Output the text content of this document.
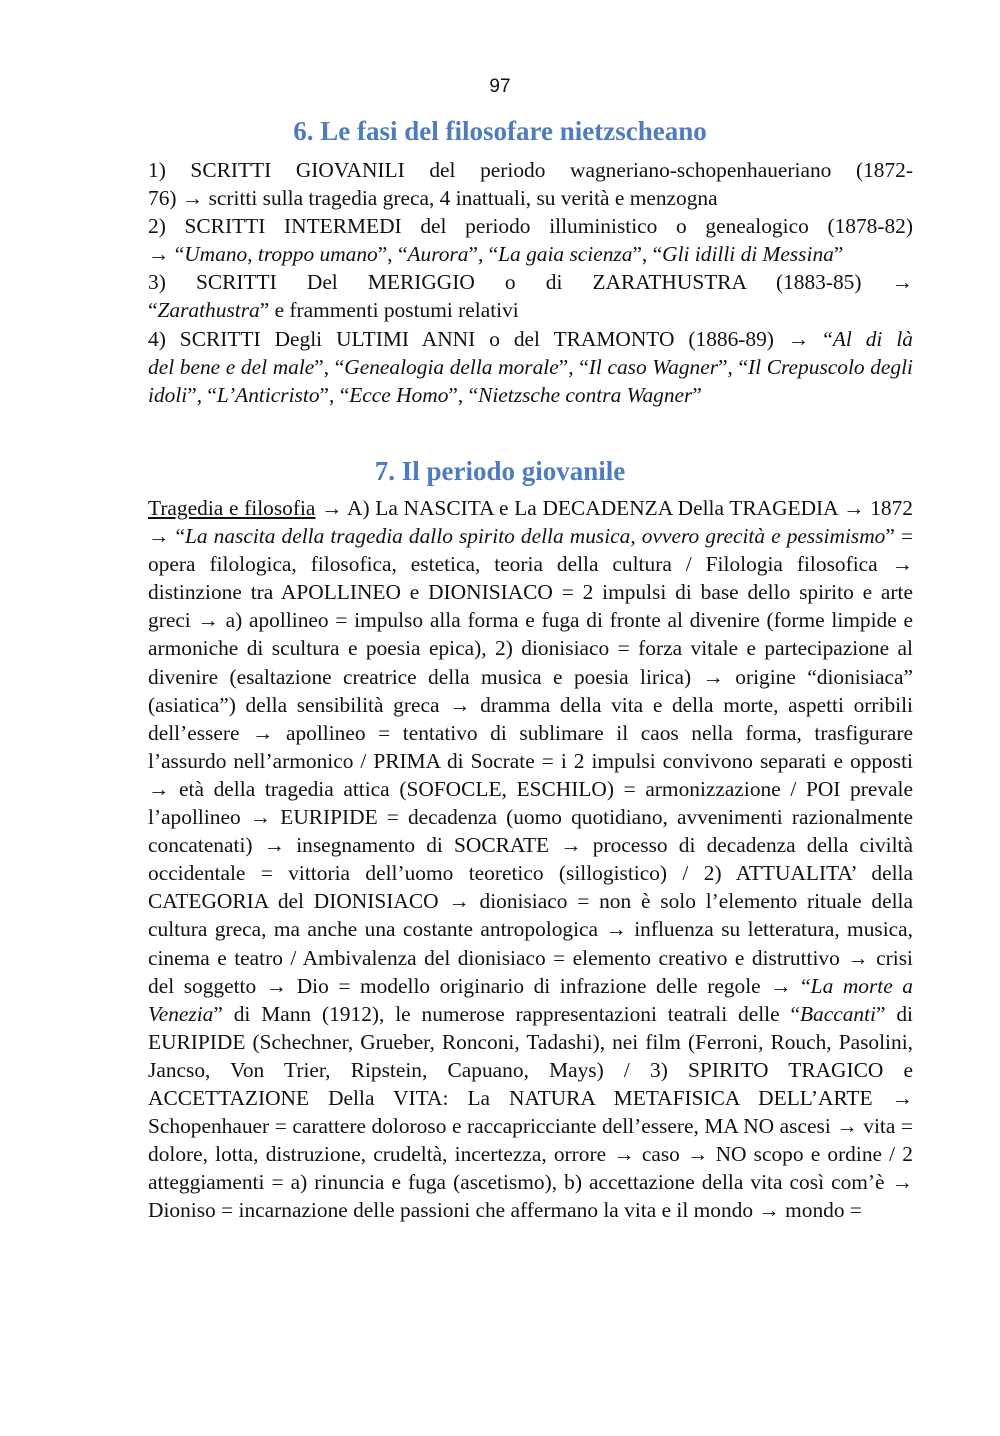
97
6. Le fasi del filosofare nietzscheano
1) SCRITTI GIOVANILI del periodo wagneriano-schopenhaueriano (1872-
76) → scritti sulla tragedia greca, 4 inattuali, su verità e menzogna
2) SCRITTI INTERMEDI del periodo illuministico o genealogico (1878-82)
→ “Umano, troppo umano”, “Aurora”, “La gaia scienza”, “Gli idilli di Messina”
3) SCRITTI Del MERIGGIO o di ZARATHUSTRA (1883-85) →
“Zarathustra” e frammenti postumi relativi
4) SCRITTI Degli ULTIMI ANNI o del TRAMONTO (1886-89) → “Al di là
del bene e del male”, “Genealogia della morale”, “Il caso Wagner”, “Il Crepuscolo degli
idoli”, “L’Anticristo”, “Ecce Homo”, “Nietzsche contra Wagner”
7. Il periodo giovanile
Tragedia e filosofia → A) La NASCITA e La DECADENZA Della TRAGEDIA → 1872 → “La nascita della tragedia dallo spirito della musica, ovvero grecità e pessimismo” = opera filologica, filosofica, estetica, teoria della cultura / Filologia filosofica → distinzione tra APOLLINEO e DIONISIACO = 2 impulsi di base dello spirito e arte greci → a) apollineo = impulso alla forma e fuga di fronte al divenire (forme limpide e armoniche di scultura e poesia epica), 2) dionisiaco = forza vitale e partecipazione al divenire (esaltazione creatrice della musica e poesia lirica) → origine “dionisiaca” (asiatica”) della sensibilità greca → dramma della vita e della morte, aspetti orribili dell’essere → apollineo = tentativo di sublimare il caos nella forma, trasfigurare l’assurdo nell’armonico / PRIMA di Socrate = i 2 impulsi convivono separati e opposti → età della tragedia attica (SOFOCLE, ESCHILO) = armonizzazione / POI prevale l’apollineo → EURIPIDE = decadenza (uomo quotidiano, avvenimenti razionalmente concatenati) → insegnamento di SOCRATE → processo di decadenza della civiltà occidentale = vittoria dell’uomo teoretico (sillogistico) / 2) ATTUALITA’ della CATEGORIA del DIONISIACO → dionisiaco = non è solo l’elemento rituale della cultura greca, ma anche una costante antropologica → influenza su letteratura, musica, cinema e teatro / Ambivalenza del dionisiaco = elemento creativo e distruttivo → crisi del soggetto → Dio = modello originario di infrazione delle regole → “La morte a Venezia” di Mann (1912), le numerose rappresentazioni teatrali delle “Baccanti” di EURIPIDE (Schechner, Grueber, Ronconi, Tadashi), nei film (Ferroni, Rouch, Pasolini, Jancso, Von Trier, Ripstein, Capuano, Mays) / 3) SPIRITO TRAGICO e ACCETTAZIONE Della VITA: La NATURA METAFISICA DELL’ARTE → Schopenhauer = carattere doloroso e raccapricciante dell’essere, MA NO ascesi → vita = dolore, lotta, distruzione, crudeltà, incertezza, orrore → caso → NO scopo e ordine / 2 atteggiamenti = a) rinuncia e fuga (ascetismo), b) accettazione della vita così com’è → Dioniso = incarnazione delle passioni che affermano la vita e il mondo → mondo =
